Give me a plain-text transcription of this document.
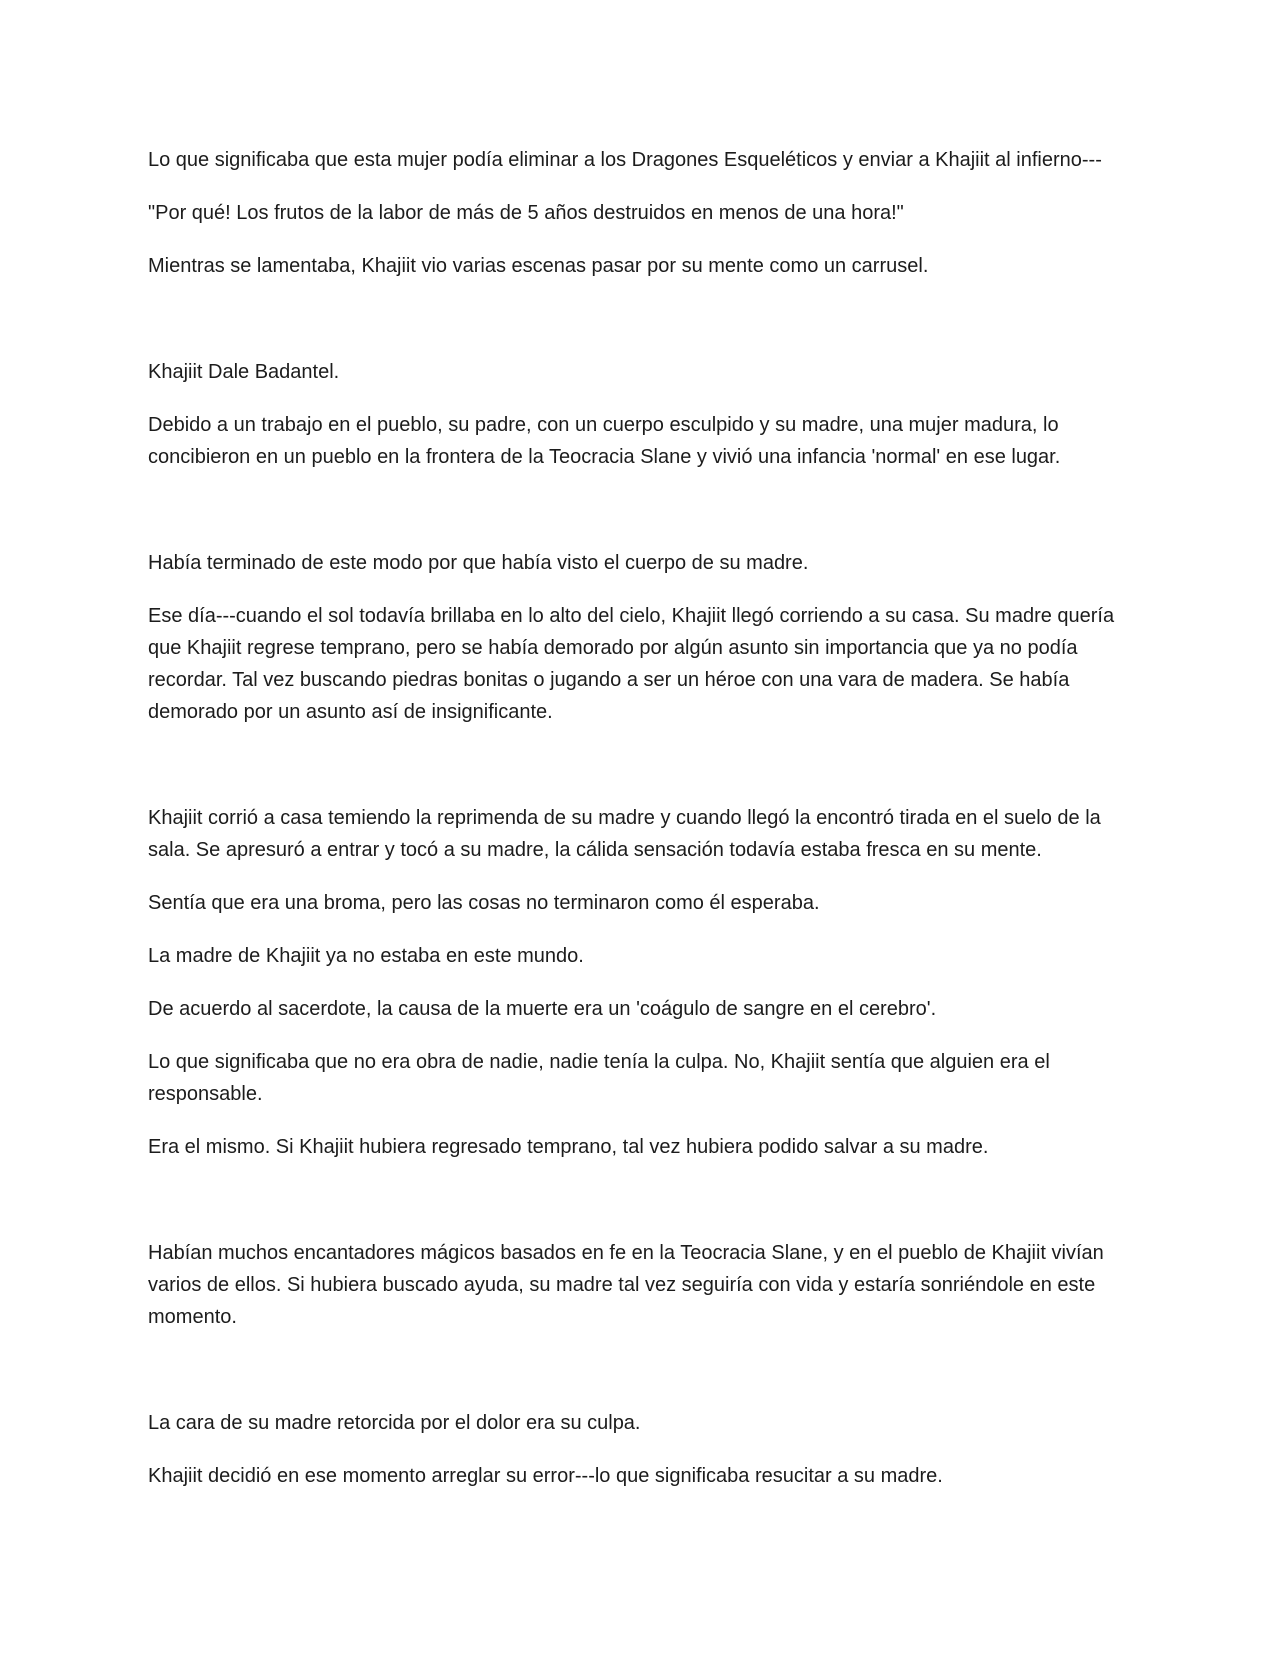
Lo que significaba que esta mujer podía eliminar a los Dragones Esqueléticos y enviar a Khajiit al infierno---

"Por qué! Los frutos de la labor de más de 5 años destruidos en menos de una hora!"

Mientras se lamentaba, Khajiit vio varias escenas pasar por su mente como un carrusel.

Khajiit Dale Badantel.

Debido a un trabajo en el pueblo, su padre, con un cuerpo esculpido y su madre, una mujer madura, lo concibieron en un pueblo en la frontera de la Teocracia Slane y vivió una infancia 'normal' en ese lugar.

Había terminado de este modo por que había visto el cuerpo de su madre.

Ese día---cuando el sol todavía brillaba en lo alto del cielo, Khajiit llegó corriendo a su casa. Su madre quería que Khajiit regrese temprano, pero se había demorado por algún asunto sin importancia que ya no podía recordar. Tal vez buscando piedras bonitas o jugando a ser un héroe con una vara de madera. Se había demorado por un asunto así de insignificante.

Khajiit corrió a casa temiendo la reprimenda de su madre y cuando llegó la encontró tirada en el suelo de la sala. Se apresuró a entrar y tocó a su madre, la cálida sensación todavía estaba fresca en su mente.

Sentía que era una broma, pero las cosas no terminaron como él esperaba.

La madre de Khajiit ya no estaba en este mundo.

De acuerdo al sacerdote, la causa de la muerte era un 'coágulo de sangre en el cerebro'.

Lo que significaba que no era obra de nadie, nadie tenía la culpa. No, Khajiit sentía que alguien era el responsable.

Era el mismo. Si Khajiit hubiera regresado temprano, tal vez hubiera podido salvar a su madre.

Habían muchos encantadores mágicos basados en fe en la Teocracia Slane, y en el pueblo de Khajiit vivían varios de ellos. Si hubiera buscado ayuda, su madre tal vez seguiría con vida y estaría sonriéndole en este momento.

La cara de su madre retorcida por el dolor era su culpa.

Khajiit decidió en ese momento arreglar su error---lo que significaba resucitar a su madre.
